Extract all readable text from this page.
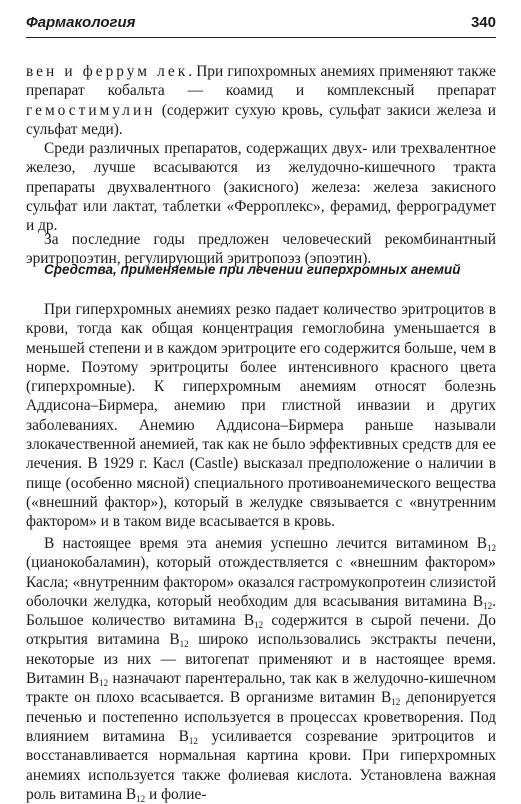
Фармакология	340
вен и феррум лек. При гипохромных анемиях применяют также препарат кобальта — коамид и комплексный препарат гемостимулин (содержит сухую кровь, сульфат закиси железа и сульфат меди).
Среди различных препаратов, содержащих двух- или трехвалентное железо, лучше всасываются из желудочно-кишечного тракта препараты двухвалентного (закисного) железа: железа закисного сульфат или лактат, таблетки «Ферроплекс», ферамид, ферроградумет и др.
За последние годы предложен человеческий рекомбинантный эритропоэтин, регулирующий эритропоэз (эпоэтин).
Средства, применяемые при лечении гиперхромных анемий
При гиперхромных анемиях резко падает количество эритроцитов в крови, тогда как общая концентрация гемоглобина уменьшается в меньшей степени и в каждом эритроците его содержится больше, чем в норме. Поэтому эритроциты более интенсивного красного цвета (гиперхромные). К гиперхромным анемиям относят болезнь Аддисона–Бирмера, анемию при глистной инвазии и других заболеваниях. Анемию Аддисона–Бирмера раньше называли злокачественной анемией, так как не было эффективных средств для ее лечения. В 1929 г. Касл (Castle) высказал предположение о наличии в пище (особенно мясной) специального противоанемического вещества («внешний фактор»), который в желудке связывается с «внутренним фактором» и в таком виде всасывается в кровь.
В настоящее время эта анемия успешно лечится витамином $В_{12}$ (цианокобаламин), который отождествляется с «внешним фактором» Касла; «внутренним фактором» оказался гастромукопротеин слизистой оболочки желудка, который необходим для всасывания витамина $В_{12}$. Большое количество витамина $В_{12}$ содержится в сырой печени. До открытия витамина $В_{12}$ широко использовались экстракты печени, некоторые из них — витогепат применяют и в настоящее время. Витамин $В_{12}$ назначают парентерально, так как в желудочно-кишечном тракте он плохо всасывается. В организме витамин $В_{12}$ депонируется печенью и постепенно используется в процессах кроветворения. Под влиянием витамина $В_{12}$ усиливается созревание эритроцитов и восстанавливается нормальная картина крови. При гиперхромных анемиях используется также фолиевая кислота. Установлена важная роль витамина $В_{12}$ и фолие-
